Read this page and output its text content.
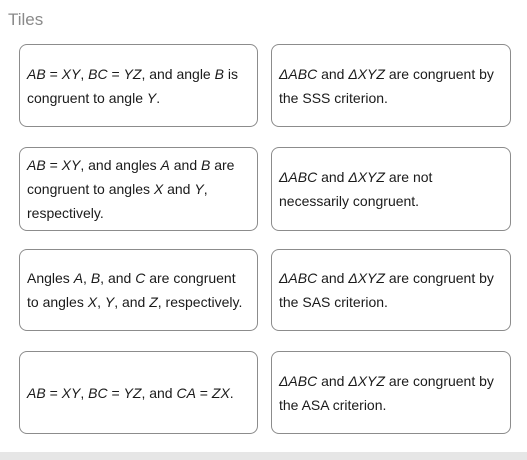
Tiles
AB = XY, BC = YZ, and angle B is congruent to angle Y.
ΔABC and ΔXYZ are congruent by the SSS criterion.
AB = XY, and angles A and B are congruent to angles X and Y, respectively.
ΔABC and ΔXYZ are not necessarily congruent.
Angles A, B, and C are congruent to angles X, Y, and Z, respectively.
ΔABC and ΔXYZ are congruent by the SAS criterion.
AB = XY, BC = YZ, and CA = ZX.
ΔABC and ΔXYZ are congruent by the ASA criterion.
